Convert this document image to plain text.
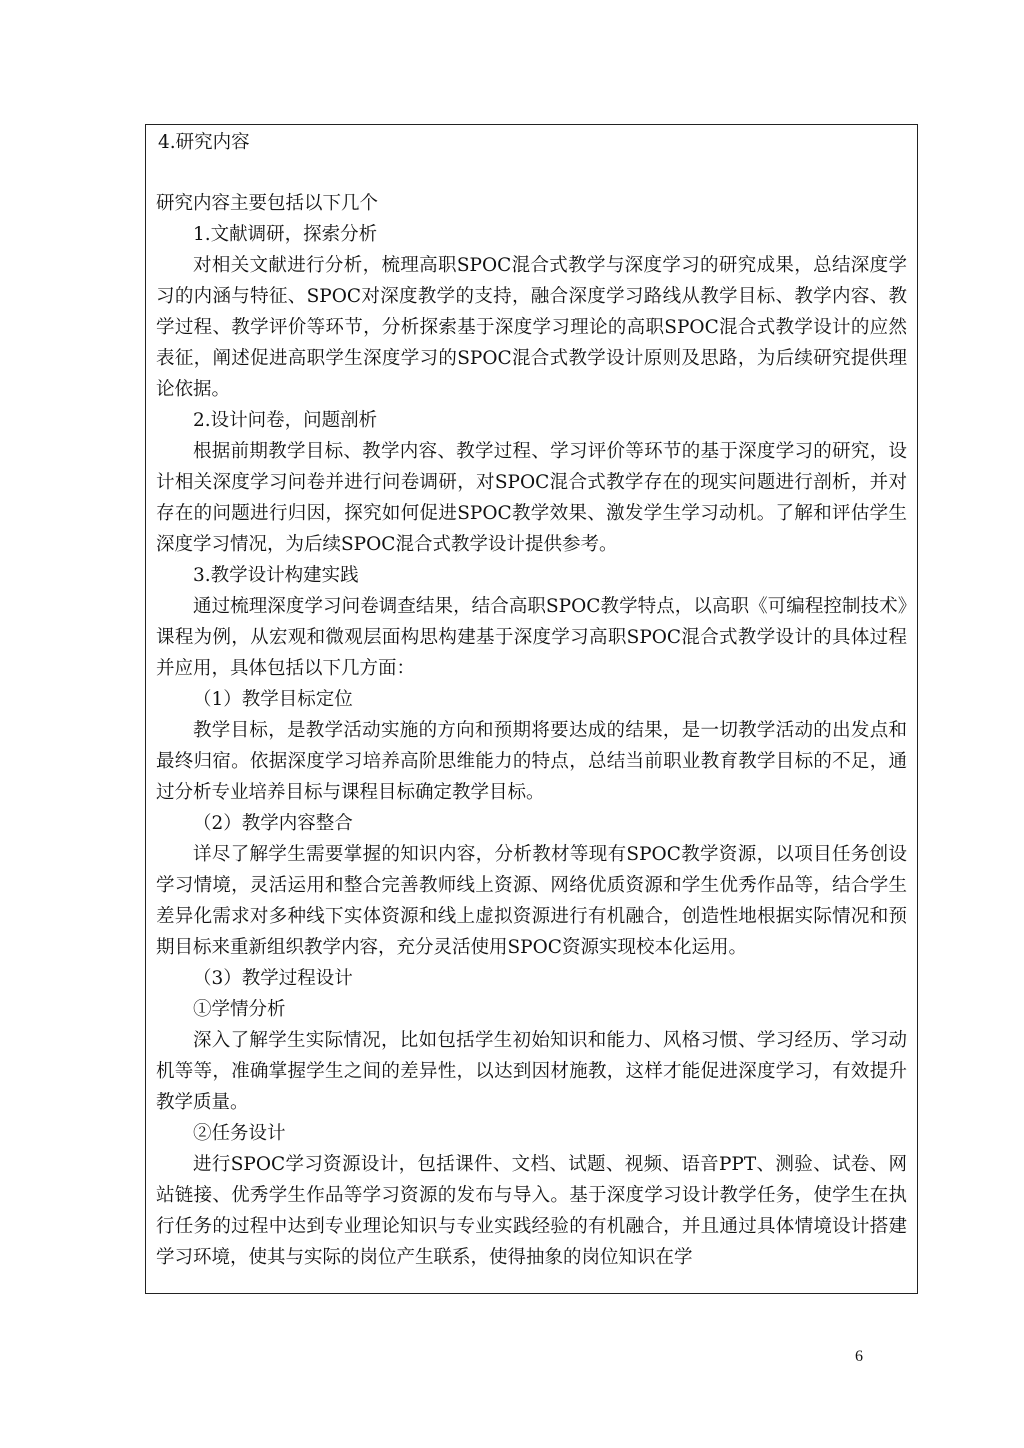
4.研究内容

研究内容主要包括以下几个

1.文献调研，探索分析

对相关文献进行分析，梳理高职SPOC混合式教学与深度学习的研究成果，总结深度学习的内涵与特征、SPOC对深度教学的支持，融合深度学习路线从教学目标、教学内容、教学过程、教学评价等环节，分析探索基于深度学习理论的高职SPOC混合式教学设计的应然表征，阐述促进高职学生深度学习的SPOC混合式教学设计原则及思路，为后续研究提供理论依据。

2.设计问卷，问题剖析

根据前期教学目标、教学内容、教学过程、学习评价等环节的基于深度学习的研究，设计相关深度学习问卷并进行问卷调研，对SPOC混合式教学存在的现实问题进行剖析，并对存在的问题进行归因，探究如何促进SPOC教学效果、激发学生学习动机。了解和评估学生深度学习情况，为后续SPOC混合式教学设计提供参考。

3.教学设计构建实践

通过梳理深度学习问卷调查结果，结合高职SPOC教学特点，以高职《可编程控制技术》课程为例，从宏观和微观层面构思构建基于深度学习高职SPOC混合式教学设计的具体过程并应用，具体包括以下几方面：

（1）教学目标定位

教学目标，是教学活动实施的方向和预期将要达成的结果，是一切教学活动的出发点和最终归宿。依据深度学习培养高阶思维能力的特点，总结当前职业教育教学目标的不足，通过分析专业培养目标与课程目标确定教学目标。

（2）教学内容整合

详尽了解学生需要掌握的知识内容，分析教材等现有SPOC教学资源，以项目任务创设学习情境，灵活运用和整合完善教师线上资源、网络优质资源和学生优秀作品等，结合学生差异化需求对多种线下实体资源和线上虚拟资源进行有机融合，创造性地根据实际情况和预期目标来重新组织教学内容，充分灵活使用SPOC资源实现校本化运用。

（3）教学过程设计

①学情分析

深入了解学生实际情况，比如包括学生初始知识和能力、风格习惯、学习经历、学习动机等等，准确掌握学生之间的差异性，以达到因材施教，这样才能促进深度学习，有效提升教学质量。

②任务设计

进行SPOC学习资源设计，包括课件、文档、试题、视频、语音PPT、测验、试卷、网站链接、优秀学生作品等学习资源的发布与导入。基于深度学习设计教学任务，使学生在执行任务的过程中达到专业理论知识与专业实践经验的有机融合，并且通过具体情境设计搭建学习环境，使其与实际的岗位产生联系，使得抽象的岗位知识在学

6
